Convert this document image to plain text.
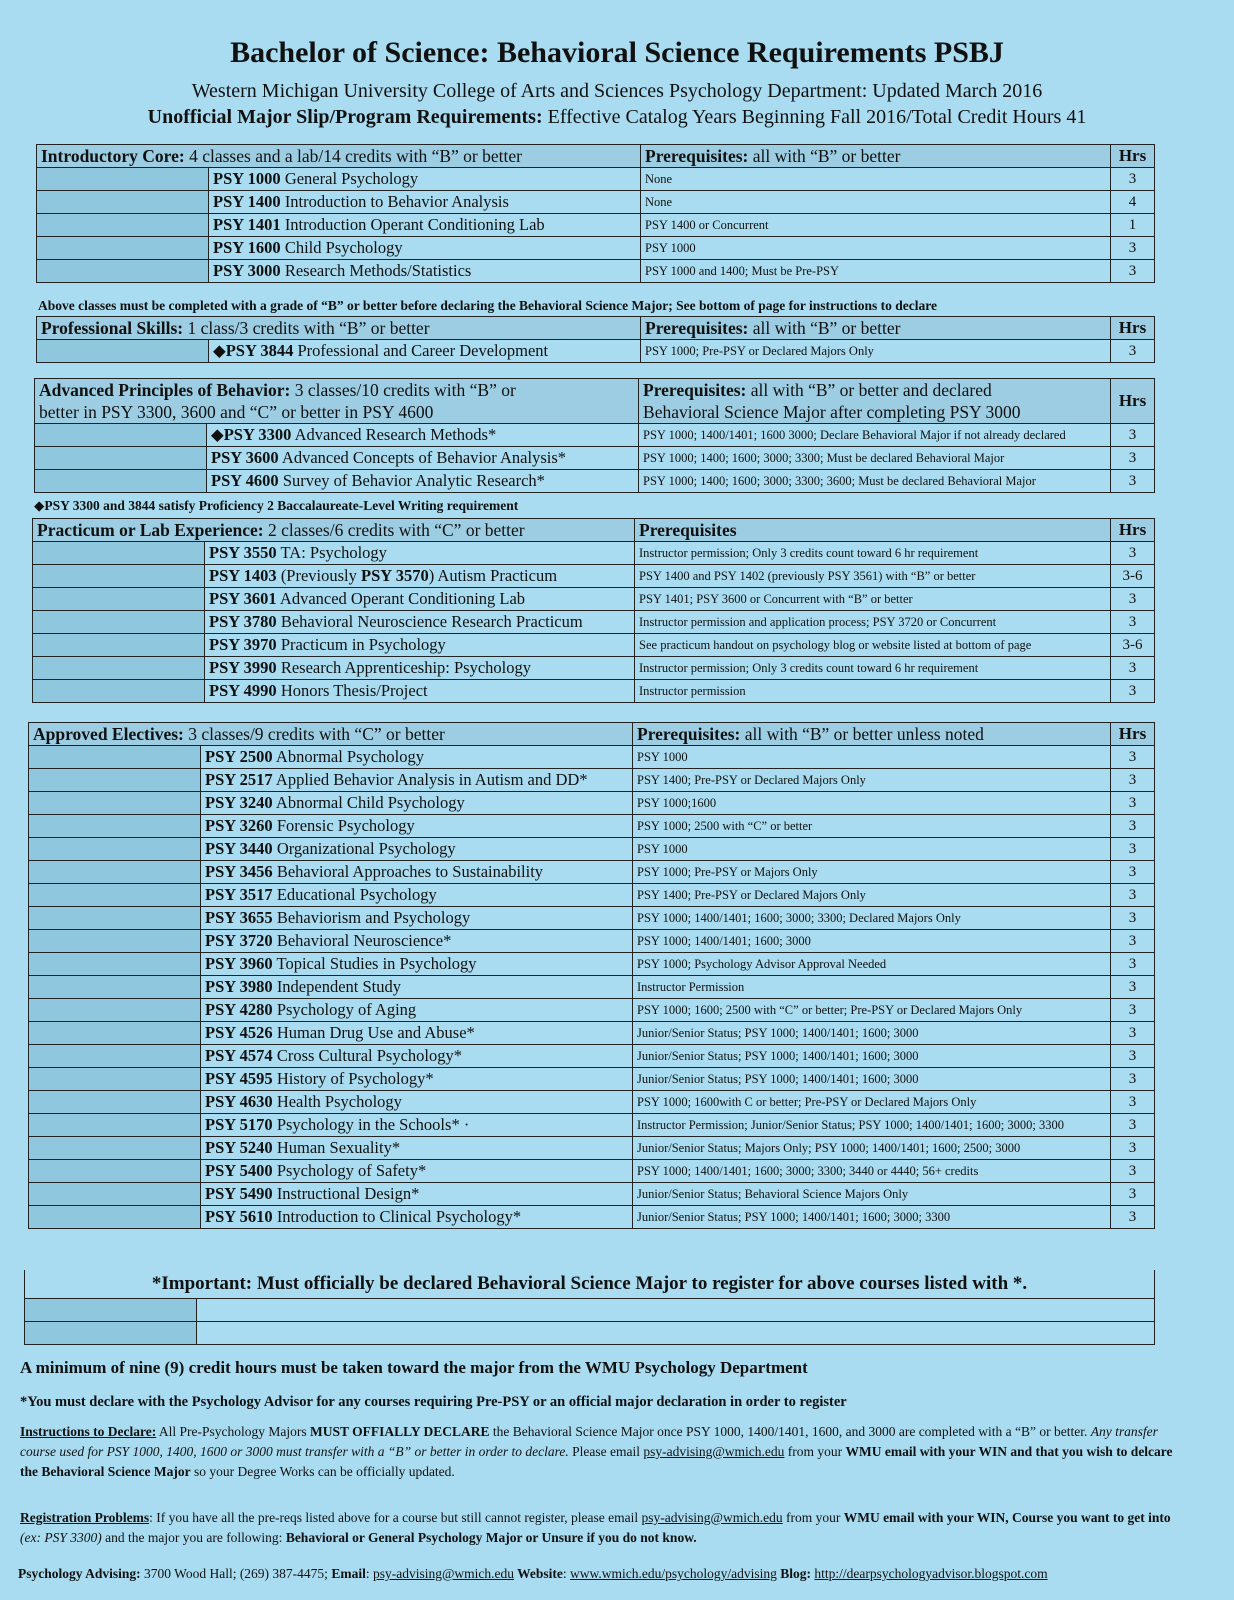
Bachelor of Science: Behavioral Science Requirements PSBJ
Western Michigan University College of Arts and Sciences Psychology Department: Updated March 2016
Unofficial Major Slip/Program Requirements: Effective Catalog Years Beginning Fall 2016/Total Credit Hours 41
Introductory Core: 4 classes and a lab/14 credits with “B” or better		Prerequisites: all with “B” or better	Hrs
	PSY 1000 General Psychology	None	3
	PSY 1400 Introduction to Behavior Analysis	None	4
	PSY 1401 Introduction Operant Conditioning Lab	PSY 1400 or Concurrent	1
	PSY 1600 Child Psychology	PSY 1000	3
	PSY 3000 Research Methods/Statistics	PSY 1000 and 1400; Must be Pre-PSY	3
Above classes must be completed with a grade of “B” or better before declaring the Behavioral Science Major; See bottom of page for instructions to declare
Professional Skills: 1 class/3 credits with “B” or better		Prerequisites: all with “B” or better	Hrs
	◆PSY 3844 Professional and Career Development	PSY 1000; Pre-PSY or Declared Majors Only	3
Advanced Principles of Behavior: 3 classes/10 credits with “B” or
better in PSY 3300, 3600 and “C” or better in PSY 4600		Prerequisites: all with “B” or better and declared
Behavioral Science Major after completing PSY 3000	Hrs
	◆PSY 3300 Advanced Research Methods*	PSY 1000; 1400/1401; 1600 3000; Declare Behavioral Major if not already declared	3
	PSY 3600 Advanced Concepts of Behavior Analysis*	PSY 1000; 1400; 1600; 3000; 3300; Must be declared Behavioral Major	3
	PSY 4600 Survey of Behavior Analytic Research*	PSY 1000; 1400; 1600; 3000; 3300; 3600; Must be declared Behavioral Major	3
◆PSY 3300 and 3844 satisfy Proficiency 2 Baccalaureate-Level Writing requirement
Practicum or Lab Experience: 2 classes/6 credits with “C” or better		Prerequisites	Hrs
	PSY 3550 TA: Psychology	Instructor permission; Only 3 credits count toward 6 hr requirement	3
	PSY 1403 (Previously PSY 3570) Autism Practicum	PSY 1400 and PSY 1402 (previously PSY 3561) with “B” or better	3-6
	PSY 3601 Advanced Operant Conditioning Lab	PSY 1401; PSY 3600 or Concurrent with “B” or better	3
	PSY 3780 Behavioral Neuroscience Research Practicum	Instructor permission and application process; PSY 3720 or Concurrent	3
	PSY 3970 Practicum in Psychology	See practicum handout on psychology blog or website listed at bottom of page	3-6
	PSY 3990 Research Apprenticeship: Psychology	Instructor permission; Only 3 credits count toward 6 hr requirement	3
	PSY 4990 Honors Thesis/Project	Instructor permission	3
Approved Electives: 3 classes/9 credits with “C” or better		Prerequisites: all with “B” or better unless noted	Hrs
	PSY 2500 Abnormal Psychology	PSY 1000	3
	PSY 2517 Applied Behavior Analysis in Autism and DD*	PSY 1400; Pre-PSY or Declared Majors Only	3
	PSY 3240 Abnormal Child Psychology	PSY 1000;1600	3
	PSY 3260 Forensic Psychology	PSY 1000; 2500 with “C” or better	3
	PSY 3440 Organizational Psychology	PSY 1000	3
	PSY 3456 Behavioral Approaches to Sustainability	PSY 1000; Pre-PSY or Majors Only	3
	PSY 3517 Educational Psychology	PSY 1400; Pre-PSY or Declared Majors Only	3
	PSY 3655 Behaviorism and Psychology	PSY 1000; 1400/1401; 1600; 3000; 3300; Declared Majors Only	3
	PSY 3720 Behavioral Neuroscience*	PSY 1000; 1400/1401; 1600; 3000	3
	PSY 3960 Topical Studies in Psychology	PSY 1000; Psychology Advisor Approval Needed	3
	PSY 3980 Independent Study	Instructor Permission	3
	PSY 4280 Psychology of Aging	PSY 1000; 1600; 2500 with “C” or better; Pre-PSY or Declared Majors Only	3
	PSY 4526 Human Drug Use and Abuse*	Junior/Senior Status; PSY 1000; 1400/1401; 1600; 3000	3
	PSY 4574 Cross Cultural Psychology*	Junior/Senior Status; PSY 1000; 1400/1401; 1600; 3000	3
	PSY 4595 History of Psychology*	Junior/Senior Status; PSY 1000; 1400/1401; 1600; 3000	3
	PSY 4630 Health Psychology	PSY 1000; 1600with C or better; Pre-PSY or Declared Majors Only	3
	PSY 5170 Psychology in the Schools* ·	Instructor Permission; Junior/Senior Status; PSY 1000; 1400/1401; 1600; 3000; 3300	3
	PSY 5240 Human Sexuality*	Junior/Senior Status; Majors Only; PSY 1000; 1400/1401; 1600; 2500; 3000	3
	PSY 5400 Psychology of Safety*	PSY 1000; 1400/1401; 1600; 3000; 3300; 3440 or 4440; 56+ credits	3
	PSY 5490 Instructional Design*	Junior/Senior Status; Behavioral Science Majors Only	3
	PSY 5610 Introduction to Clinical Psychology*	Junior/Senior Status; PSY 1000; 1400/1401; 1600; 3000; 3300	3
*Important: Must officially be declared Behavioral Science Major to register for above courses listed with *.	

A minimum of nine (9) credit hours must be taken toward the major from the WMU Psychology Department
*You must declare with the Psychology Advisor for any courses requiring Pre-PSY or an official major declaration in order to register
Instructions to Declare: All Pre-Psychology Majors MUST OFFIALLY DECLARE the Behavioral Science Major once PSY 1000, 1400/1401, 1600, and 3000 are completed with a “B” or better. Any transfer course used for PSY 1000, 1400, 1600 or 3000 must transfer with a “B” or better in order to declare. Please email psy-advising@wmich.edu from your WMU email with your WIN and that you wish to delcare the Behavioral Science Major so your Degree Works can be officially updated.
Registration Problems: If you have all the pre-reqs listed above for a course but still cannot register, please email psy-advising@wmich.edu from your WMU email with your WIN, Course you want to get into (ex: PSY 3300) and the major you are following: Behavioral or General Psychology Major or Unsure if you do not know.
Psychology Advising: 3700 Wood Hall; (269) 387-4475; Email: psy-advising@wmich.edu Website: www.wmich.edu/psychology/advising Blog: http://dearpsychologyadvisor.blogspot.com
